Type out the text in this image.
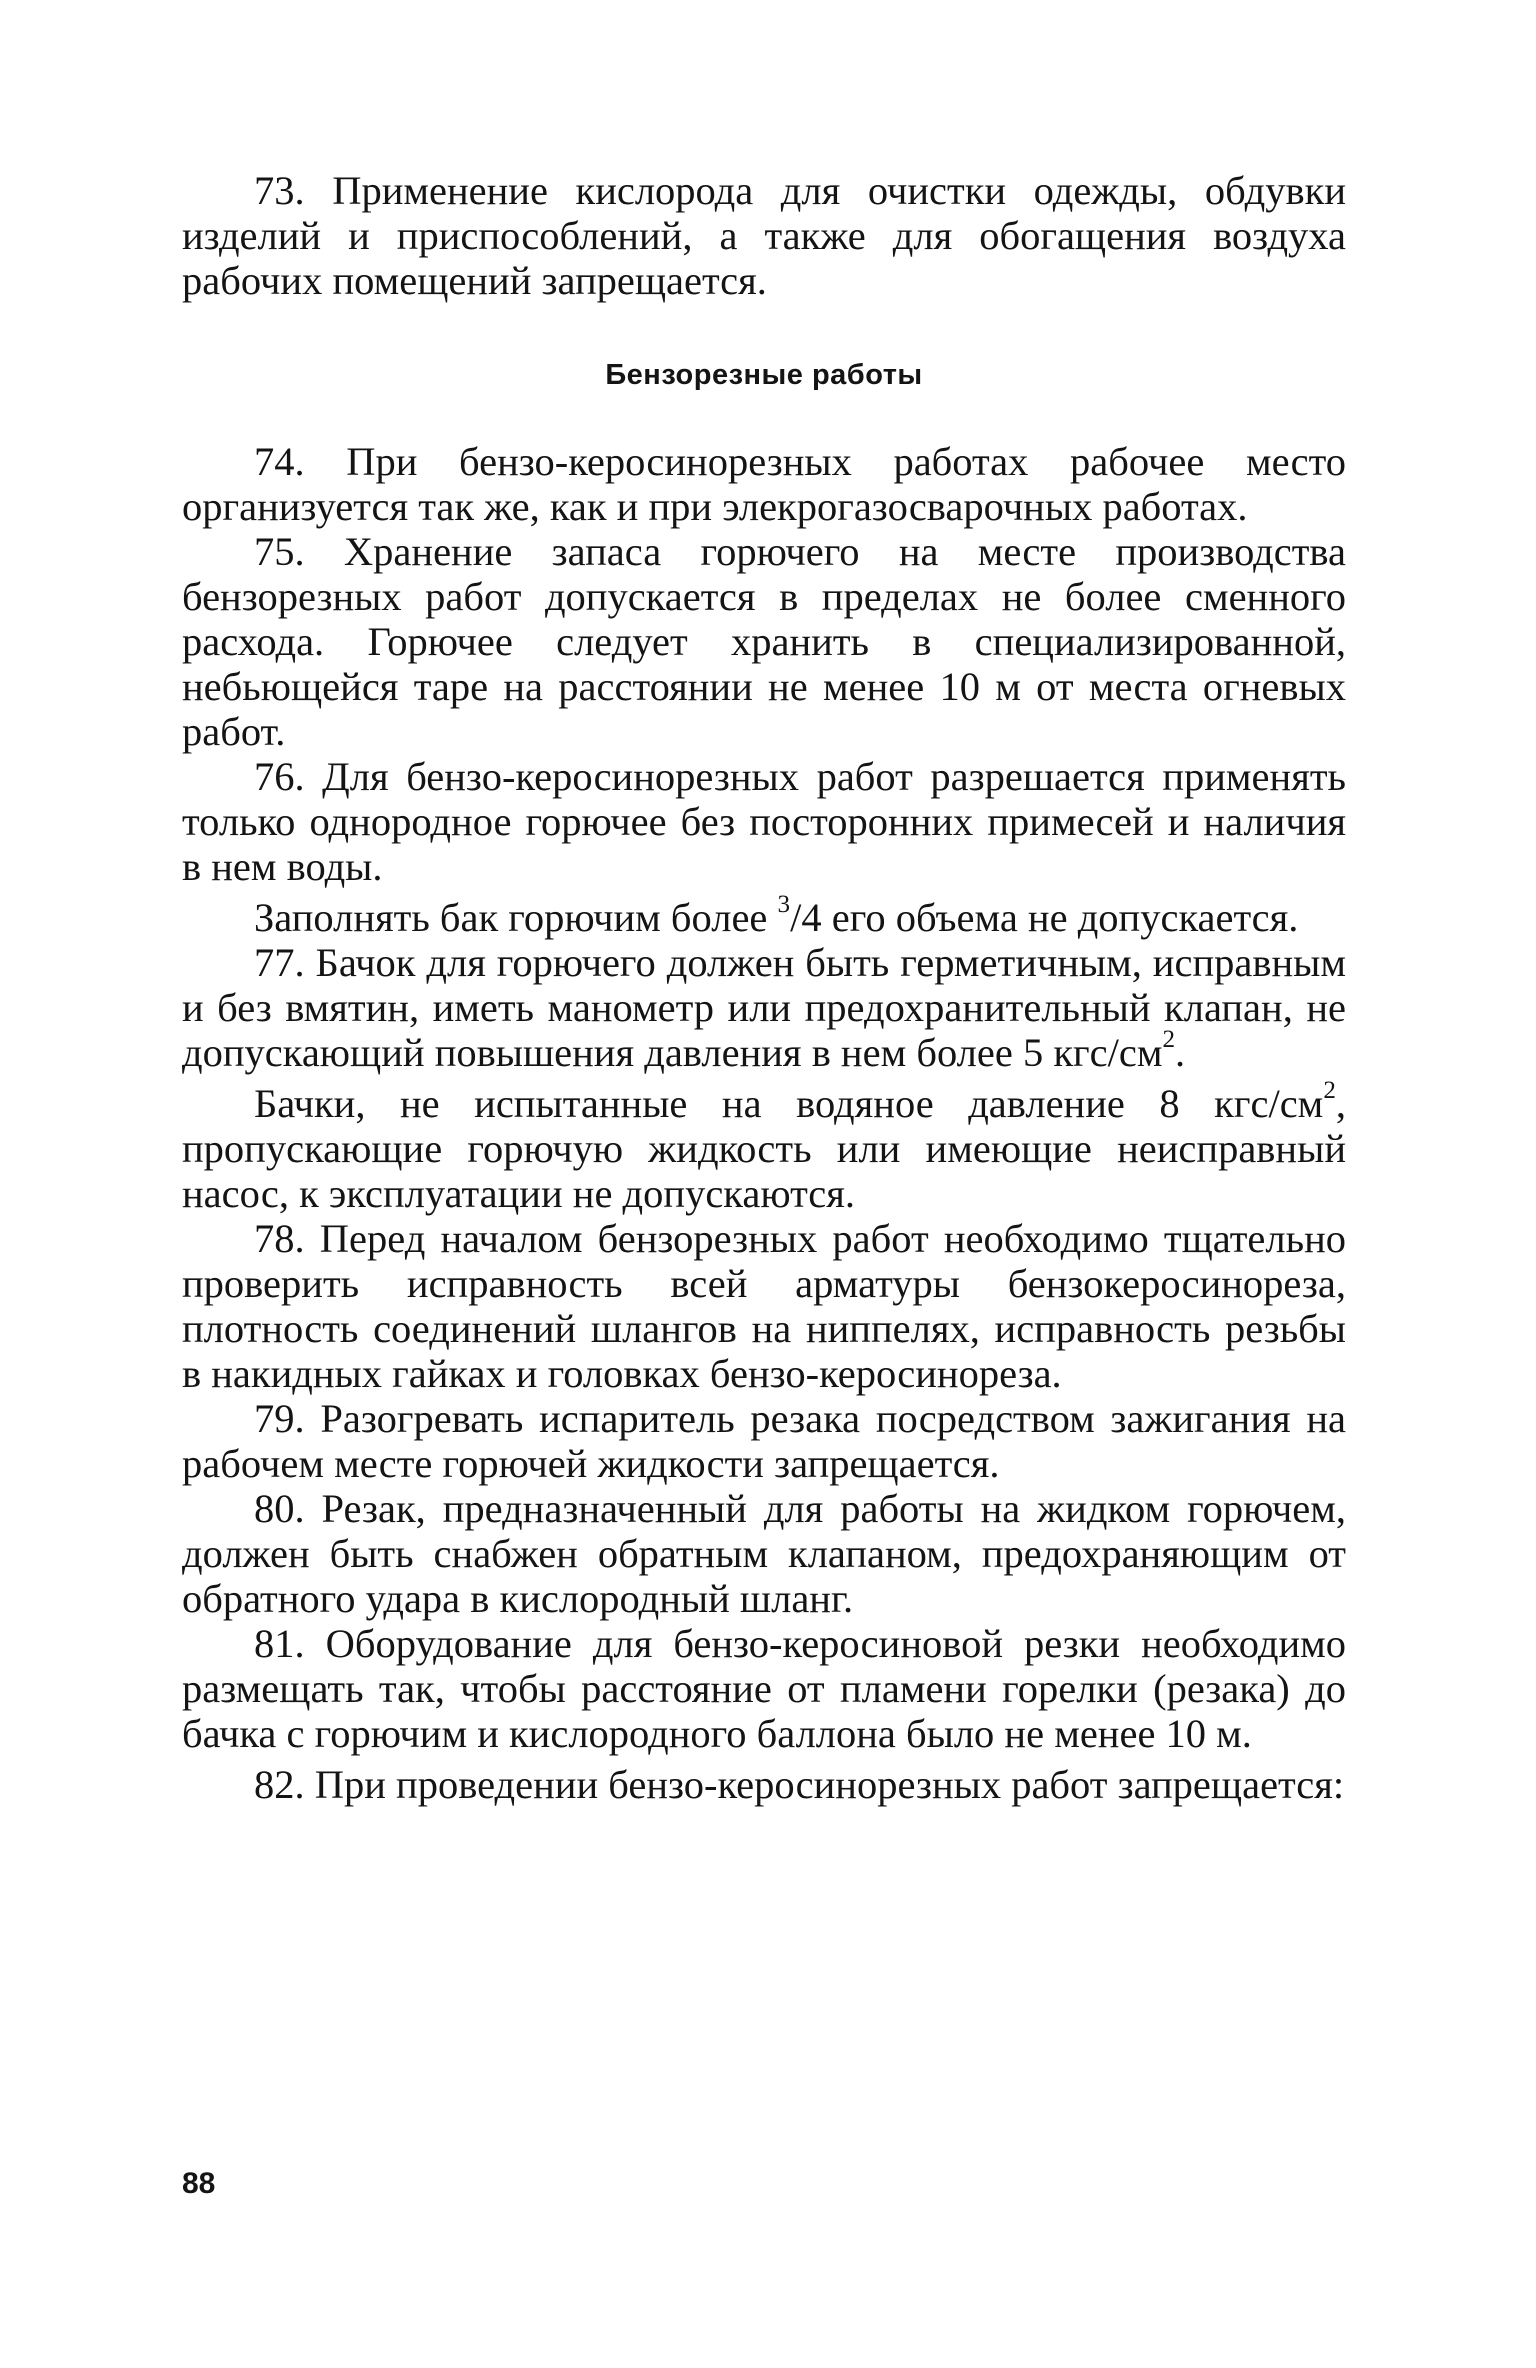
73. Применение кислорода для очистки одежды, обдувки изделий и приспособлений, а также для обогащения воздуха рабочих помещений запрещается.

Бензорезные работы

74. При бензо-керосинорезных работах рабочее место организуется так же, как и при элекрогазосварочных работах.

75. Хранение запаса горючего на месте производства бензорезных работ допускается в пределах не более сменного расхода. Горючее следует хранить в специализированной, небьющейся таре на расстоянии не менее 10 м от места огневых работ.

76. Для бензо-керосинорезных работ разрешается применять только однородное горючее без посторонних примесей и наличия в нем воды.

Заполнять бак горючим более $^3$/4 его объема не допускается.

77. Бачок для горючего должен быть герметичным, исправным и без вмятин, иметь манометр или предохранительный клапан, не допускающий повышения давления в нем более 5 кгс/$см^2$.

Бачки, не испытанные на водяное давление 8 кгс/$см^2$, пропускающие горючую жидкость или имеющие неисправный насос, к эксплуатации не допускаются.

78. Перед началом бензорезных работ необходимо тщательно проверить исправность всей арматуры бензокеросинореза, плотность соединений шлангов на ниппелях, исправность резьбы в накидных гайках и головках бензо-керосинореза.

79. Разогревать испаритель резака посредством зажигания на рабочем месте горючей жидкости запрещается.

80. Резак, предназначенный для работы на жидком горючем, должен быть снабжен обратным клапаном, предохраняющим от обратного удара в кислородный шланг.

81. Оборудование для бензо-керосиновой резки необходимо размещать так, чтобы расстояние от пламени горелки (резака) до бачка с горючим и кислородного баллона было не менее 10 м.

82. При проведении бензо-керосинорезных работ запрещается:

88
